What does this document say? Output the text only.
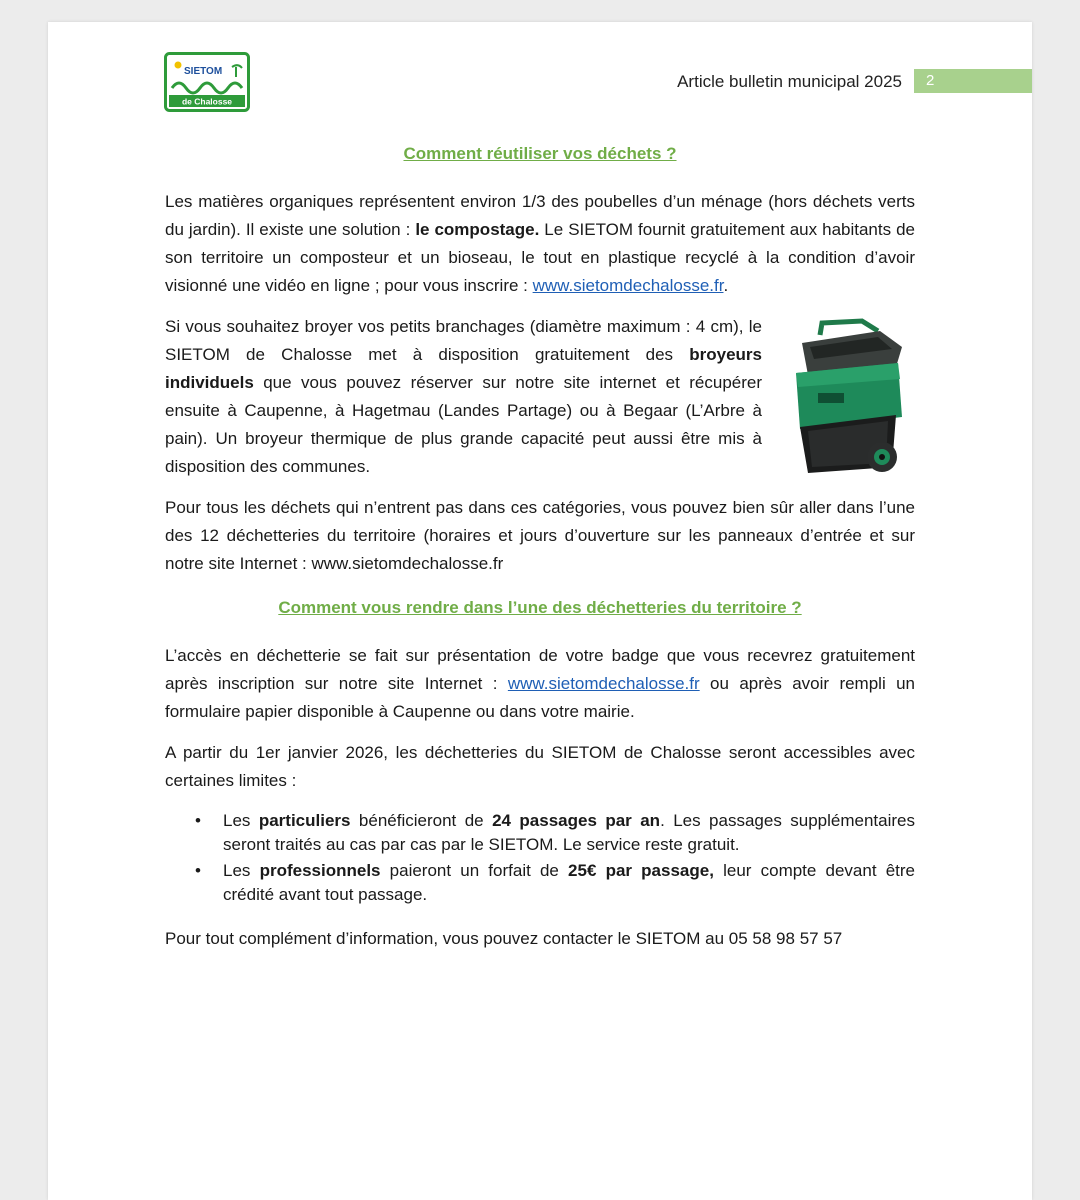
SIETOM
de Chalosse
Article bulletin municipal 2025	2
Comment réutiliser vos déchets ?

Les matières organiques représentent environ 1/3 des poubelles d’un ménage (hors déchets verts du jardin). Il existe une solution : le compostage. Le SIETOM fournit gratuitement aux habitants de son territoire un composteur et un bioseau, le tout en plastique recyclé à la condition d’avoir visionné une vidéo en ligne ; pour vous inscrire : www.sietomdechalosse.fr.

Si vous souhaitez broyer vos petits branchages (diamètre maximum : 4 cm), le SIETOM de Chalosse met à disposition gratuitement des broyeurs individuels que vous pouvez réserver sur notre site internet et récupérer ensuite à Caupenne, à Hagetmau (Landes Partage) ou à Begaar (L’Arbre à pain). Un broyeur thermique de plus grande capacité peut aussi être mis à disposition des communes.

Pour tous les déchets qui n’entrent pas dans ces catégories, vous pouvez bien sûr aller dans l’une des 12 déchetteries du territoire (horaires et jours d’ouverture sur les panneaux d’entrée et sur notre site Internet : www.sietomdechalosse.fr

Comment vous rendre dans l’une des déchetteries du territoire ?

L’accès en déchetterie se fait sur présentation de votre badge que vous recevrez gratuitement après inscription sur notre site Internet : www.sietomdechalosse.fr ou après avoir rempli un formulaire papier disponible à Caupenne ou dans votre mairie.

A partir du 1er janvier 2026, les déchetteries du SIETOM de Chalosse seront accessibles avec certaines limites :

• Les particuliers bénéficieront de 24 passages par an. Les passages supplémentaires seront traités au cas par cas par le SIETOM. Le service reste gratuit.
• Les professionnels paieront un forfait de 25€ par passage, leur compte devant être crédité avant tout passage.

Pour tout complément d’information, vous pouvez contacter le SIETOM au 05 58 98 57 57
